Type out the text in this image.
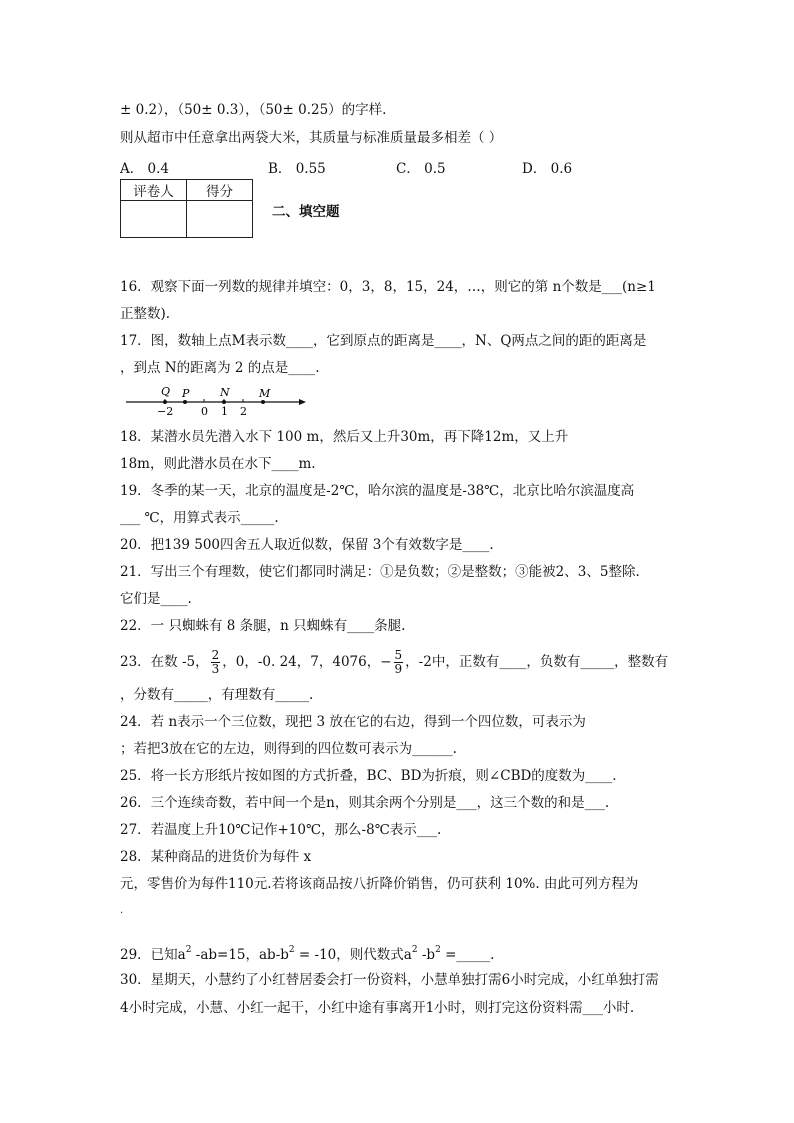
± 0.2），（50± 0.3），（50± 0.25）的字样.
则从超市中任意拿出两袋大米，其质量与标准质量最多相差（ ）
A． 0.4	B． 0.55	C． 0.5	D． 0.6
评卷人	得分

二、填空题
16．观察下面一列数的规律并填空：0，3，8，15，24，…，则它的第 n个数是___(n≥1
正整数).
17．图，数轴上点M表示数____，它到原点的距离是____，N、Q两点之间的距的距离是
，到点 N的距离为 2 的点是____.
Q P	N	M
−2	0 1 2
18．某潜水员先潜入水下 100 m，然后又上升30m，再下降12m，又上升
18m，则此潜水员在水下____m.
19．冬季的某一天，北京的温度是-2℃，哈尔滨的温度是-38℃，北京比哈尔滨温度高
___ ℃，用算式表示_____.
20．把139 500四舍五人取近似数，保留 3个有效数字是____.
21．写出三个有理数，使它们都同时满足：①是负数；②是整数；③能被2、3、5整除.
它们是____.
22．一 只蜘蛛有 8 条腿，n 只蜘蛛有____条腿.
23．在数 -5， $\frac{2}{3}$ ，0，-0. 24，7，4076，− $\frac{5}{9}$ ，-2中，正数有____，负数有_____，整数有
，分数有_____，有理数有_____.
24．若 n表示一个三位数，现把 3 放在它的右边，得到一个四位数，可表示为
；若把3放在它的左边，则得到的四位数可表示为______.
25．将一长方形纸片按如图的方式折叠，BC、BD为折痕，则∠CBD的度数为____.
26．三个连续奇数，若中间一个是n，则其余两个分别是___，这三个数的和是___.
27．若温度上升10℃记作+10℃，那么-8℃表示___.
28．某种商品的进货价为每件 x
元，零售价为每件110元.若将该商品按八折降价销售，仍可获利 10%. 由此可列方程为
.
29．已知$a^2$ -ab=15，$ab-b^2 = -10$，则代数式$a^2$ $-b^2$ =_____.
30．星期天，小慧约了小红替居委会打一份资料，小慧单独打需6小时完成，小红单独打需
4小时完成，小慧、小红一起干，小红中途有事离开1小时，则打完这份资料需___小时.
